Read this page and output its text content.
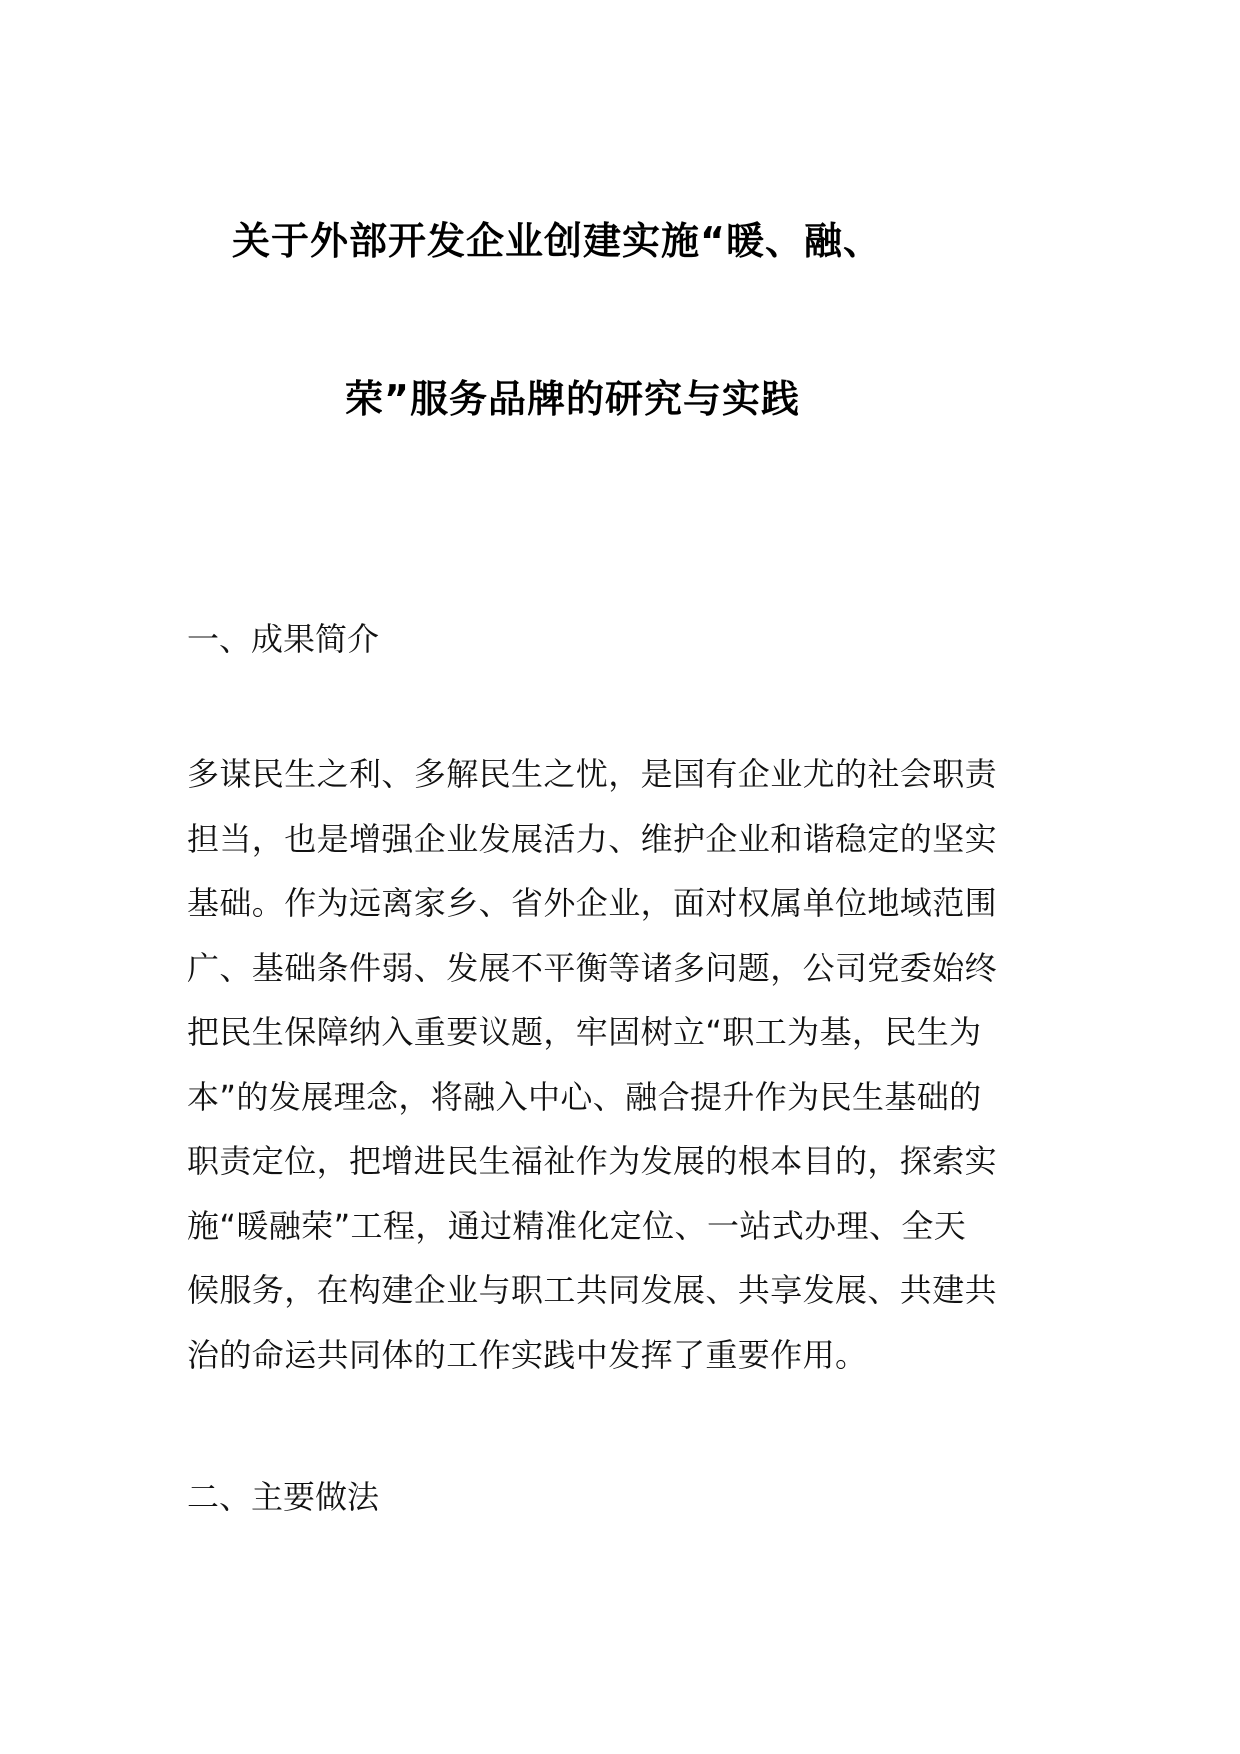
关于外部开发企业创建实施“暖、融、
荣”服务品牌的研究与实践
一、成果简介
多谋民生之利、多解民生之忧，是国有企业尤的社会职责
担当，也是增强企业发展活力、维护企业和谐稳定的坚实
基础。作为远离家乡、省外企业，面对权属单位地域范围
广、基础条件弱、发展不平衡等诸多问题，公司党委始终
把民生保障纳入重要议题，牢固树立“职工为基，民生为
本”的发展理念，将融入中心、融合提升作为民生基础的
职责定位，把增进民生福祉作为发展的根本目的，探索实
施“暖融荣”工程，通过精准化定位、一站式办理、全天
候服务，在构建企业与职工共同发展、共享发展、共建共
治的命运共同体的工作实践中发挥了重要作用。
二、主要做法
